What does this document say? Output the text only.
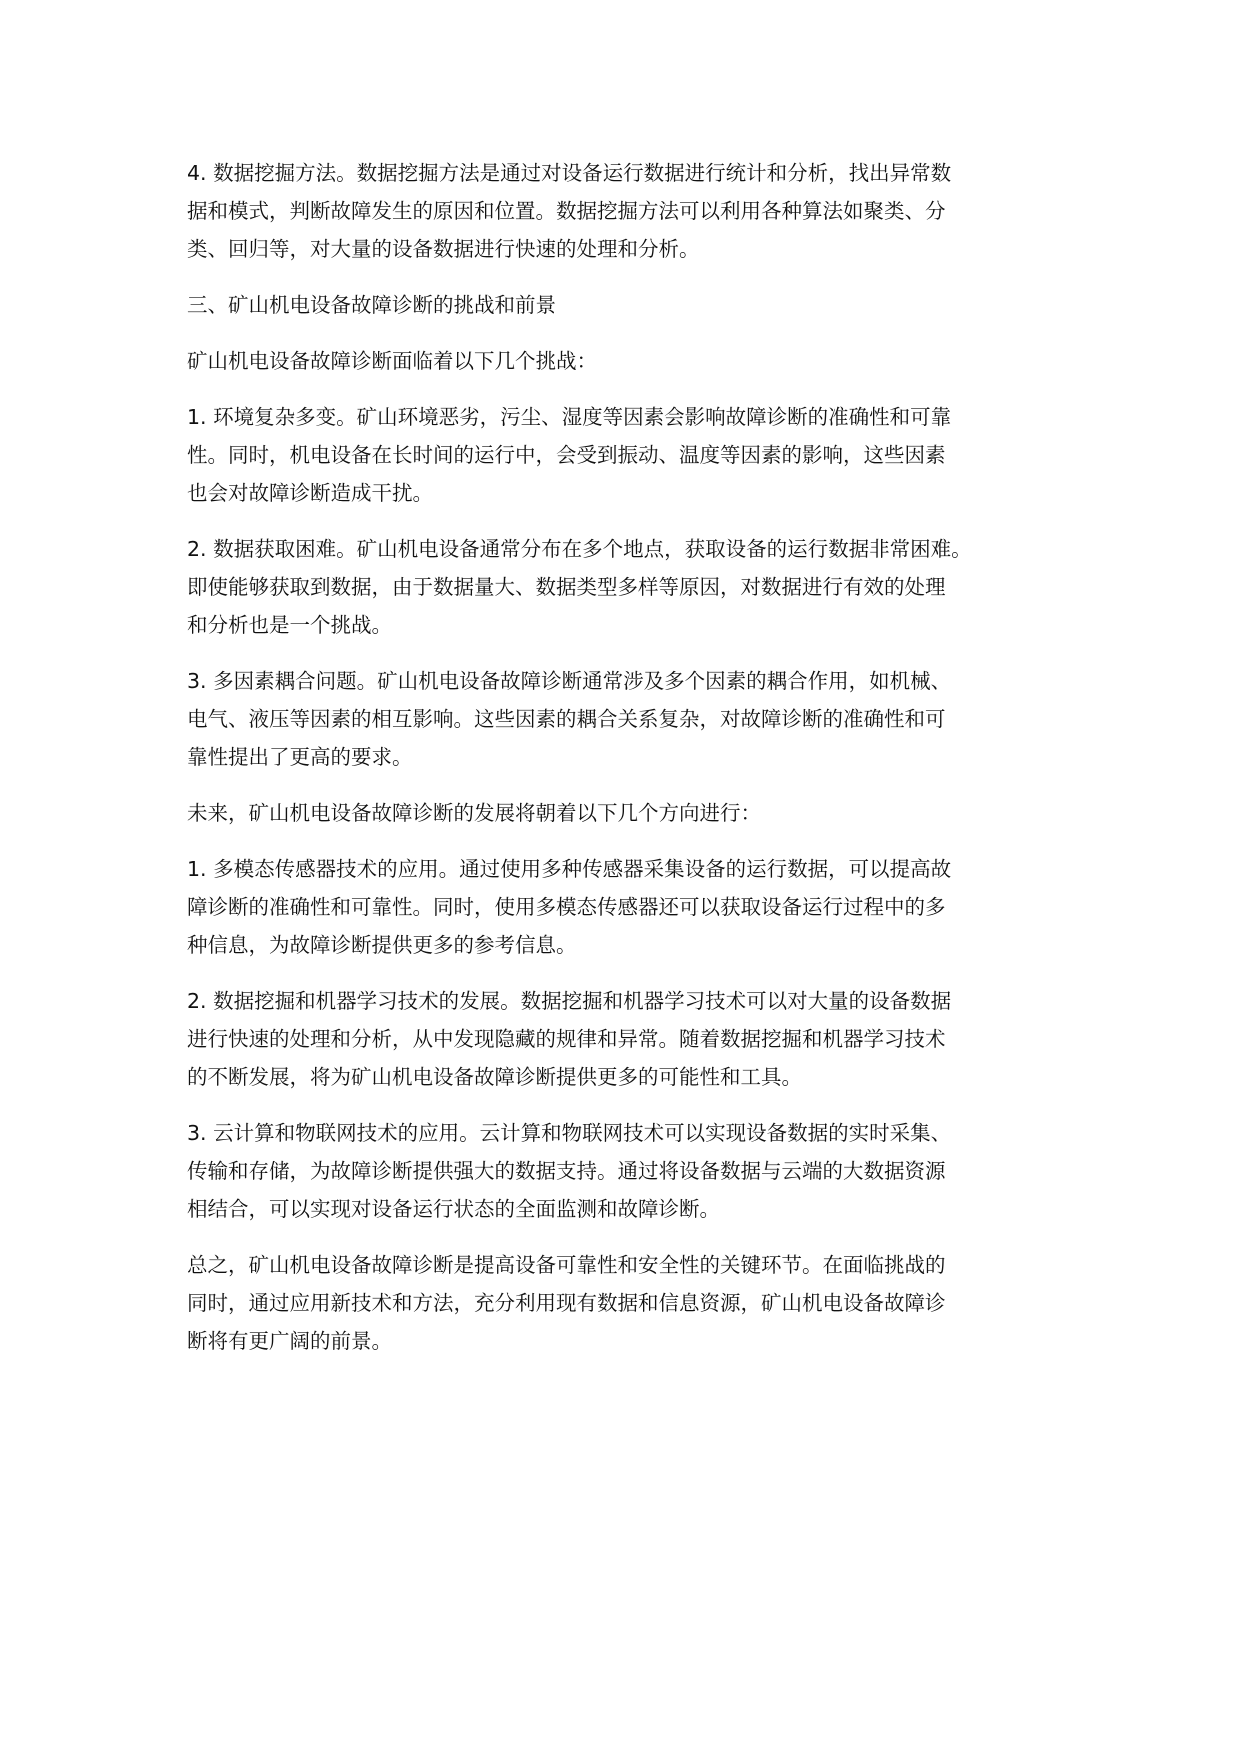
4. 数据挖掘方法。数据挖掘方法是通过对设备运行数据进行统计和分析，找出异常数
据和模式，判断故障发生的原因和位置。数据挖掘方法可以利用各种算法如聚类、分
类、回归等，对大量的设备数据进行快速的处理和分析。

三、矿山机电设备故障诊断的挑战和前景

矿山机电设备故障诊断面临着以下几个挑战：

1. 环境复杂多变。矿山环境恶劣，污尘、湿度等因素会影响故障诊断的准确性和可靠
性。同时，机电设备在长时间的运行中，会受到振动、温度等因素的影响，这些因素
也会对故障诊断造成干扰。

2. 数据获取困难。矿山机电设备通常分布在多个地点，获取设备的运行数据非常困难。
即使能够获取到数据，由于数据量大、数据类型多样等原因，对数据进行有效的处理
和分析也是一个挑战。

3. 多因素耦合问题。矿山机电设备故障诊断通常涉及多个因素的耦合作用，如机械、
电气、液压等因素的相互影响。这些因素的耦合关系复杂，对故障诊断的准确性和可
靠性提出了更高的要求。

未来，矿山机电设备故障诊断的发展将朝着以下几个方向进行：

1. 多模态传感器技术的应用。通过使用多种传感器采集设备的运行数据，可以提高故
障诊断的准确性和可靠性。同时，使用多模态传感器还可以获取设备运行过程中的多
种信息，为故障诊断提供更多的参考信息。

2. 数据挖掘和机器学习技术的发展。数据挖掘和机器学习技术可以对大量的设备数据
进行快速的处理和分析，从中发现隐藏的规律和异常。随着数据挖掘和机器学习技术
的不断发展，将为矿山机电设备故障诊断提供更多的可能性和工具。

3. 云计算和物联网技术的应用。云计算和物联网技术可以实现设备数据的实时采集、
传输和存储，为故障诊断提供强大的数据支持。通过将设备数据与云端的大数据资源
相结合，可以实现对设备运行状态的全面监测和故障诊断。

总之，矿山机电设备故障诊断是提高设备可靠性和安全性的关键环节。在面临挑战的
同时，通过应用新技术和方法，充分利用现有数据和信息资源，矿山机电设备故障诊
断将有更广阔的前景。
